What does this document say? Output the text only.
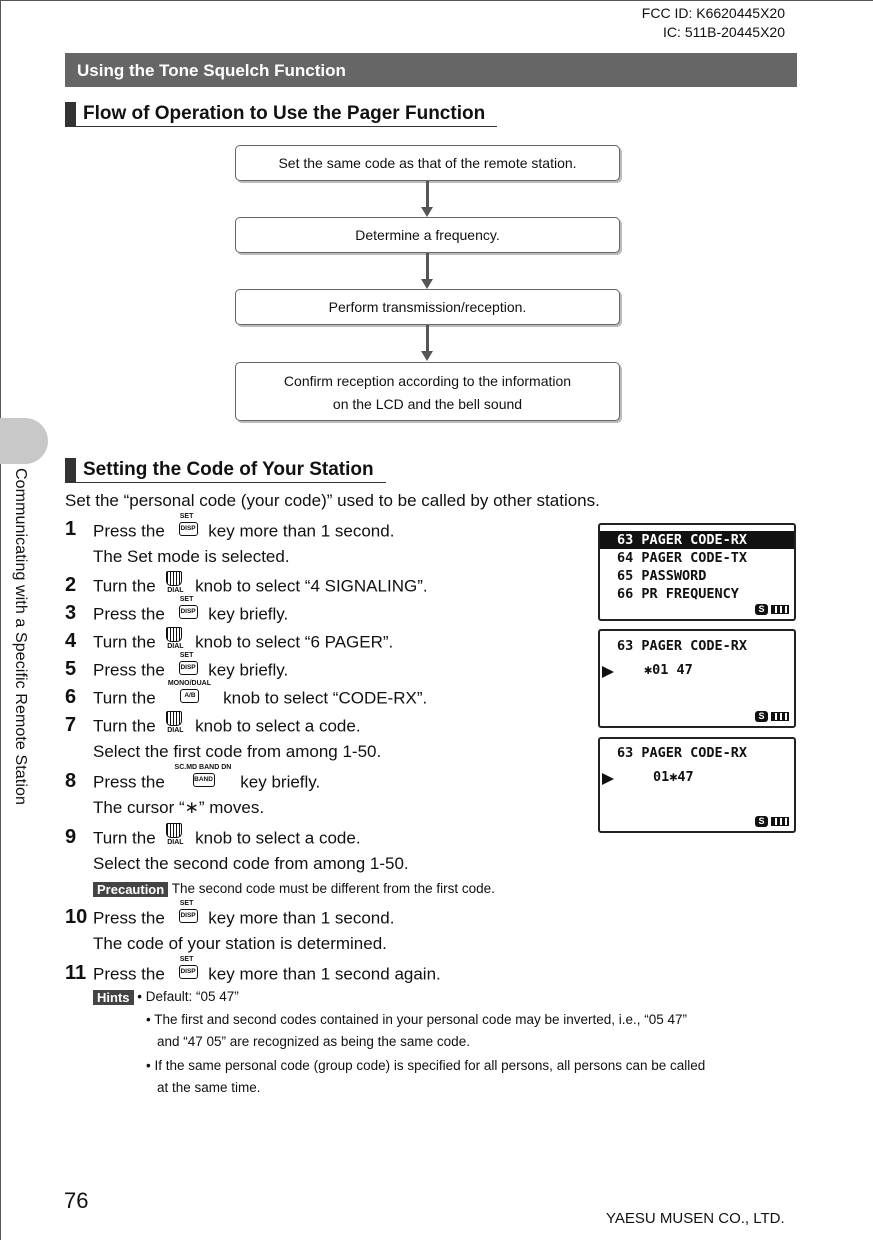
FCC ID: K6620445X20
IC: 511B-20445X20
Communicating with a Specific Remote Station
Using the Tone Squelch Function
Flow of Operation to Use the Pager Function
Set the same code as that of the remote station.
Determine a frequency.
Perform transmission/reception.
Confirm reception according to the information
on the LCD and the bell sound
Setting the Code of Your Station
Set the “personal code (your code)” used to be called by other stations.
1 Press the
SET
DISP key more than 1 second.
The Set mode is selected.
2 Turn the	DIAL knob to select “4 SIGNALING”.
3 Press the
SET
DISP key briefly.
4 Turn the	DIAL knob to select “6 PAGER”.
5 Press the
SET
DISP key briefly.
6 Turn the
MONO/DUAL
A/B knob to select “CODE-RX”.
7 Turn the	DIAL knob to select a code.
Select the first code from among 1-50.
8 Press the
SC.MD BAND DN
BAND key briefly.
The cursor “∗” moves.
9 Turn the	DIAL knob to select a code.
Select the second code from among 1-50.
Precaution The second code must be different from the first code.
10 Press the
SET
DISP key more than 1 second.
The code of your station is determined.
11 Press the
SET
DISP key more than 1 second again.
Hints • Default: “05 47”
• The first and second codes contained in your personal code may be inverted, i.e., “05 47”
and “47 05” are recognized as being the same code.
• If the same personal code (group code) is specified for all persons, all persons can be called
at the same time.
63 PAGER CODE-RX
64 PAGER CODE-TX
65 PASSWORD
66 PR FREQUENCY
S
63 PAGER CODE-RX
✱01 47
S
63 PAGER CODE-RX
01✱47
S
76
YAESU MUSEN CO., LTD.
